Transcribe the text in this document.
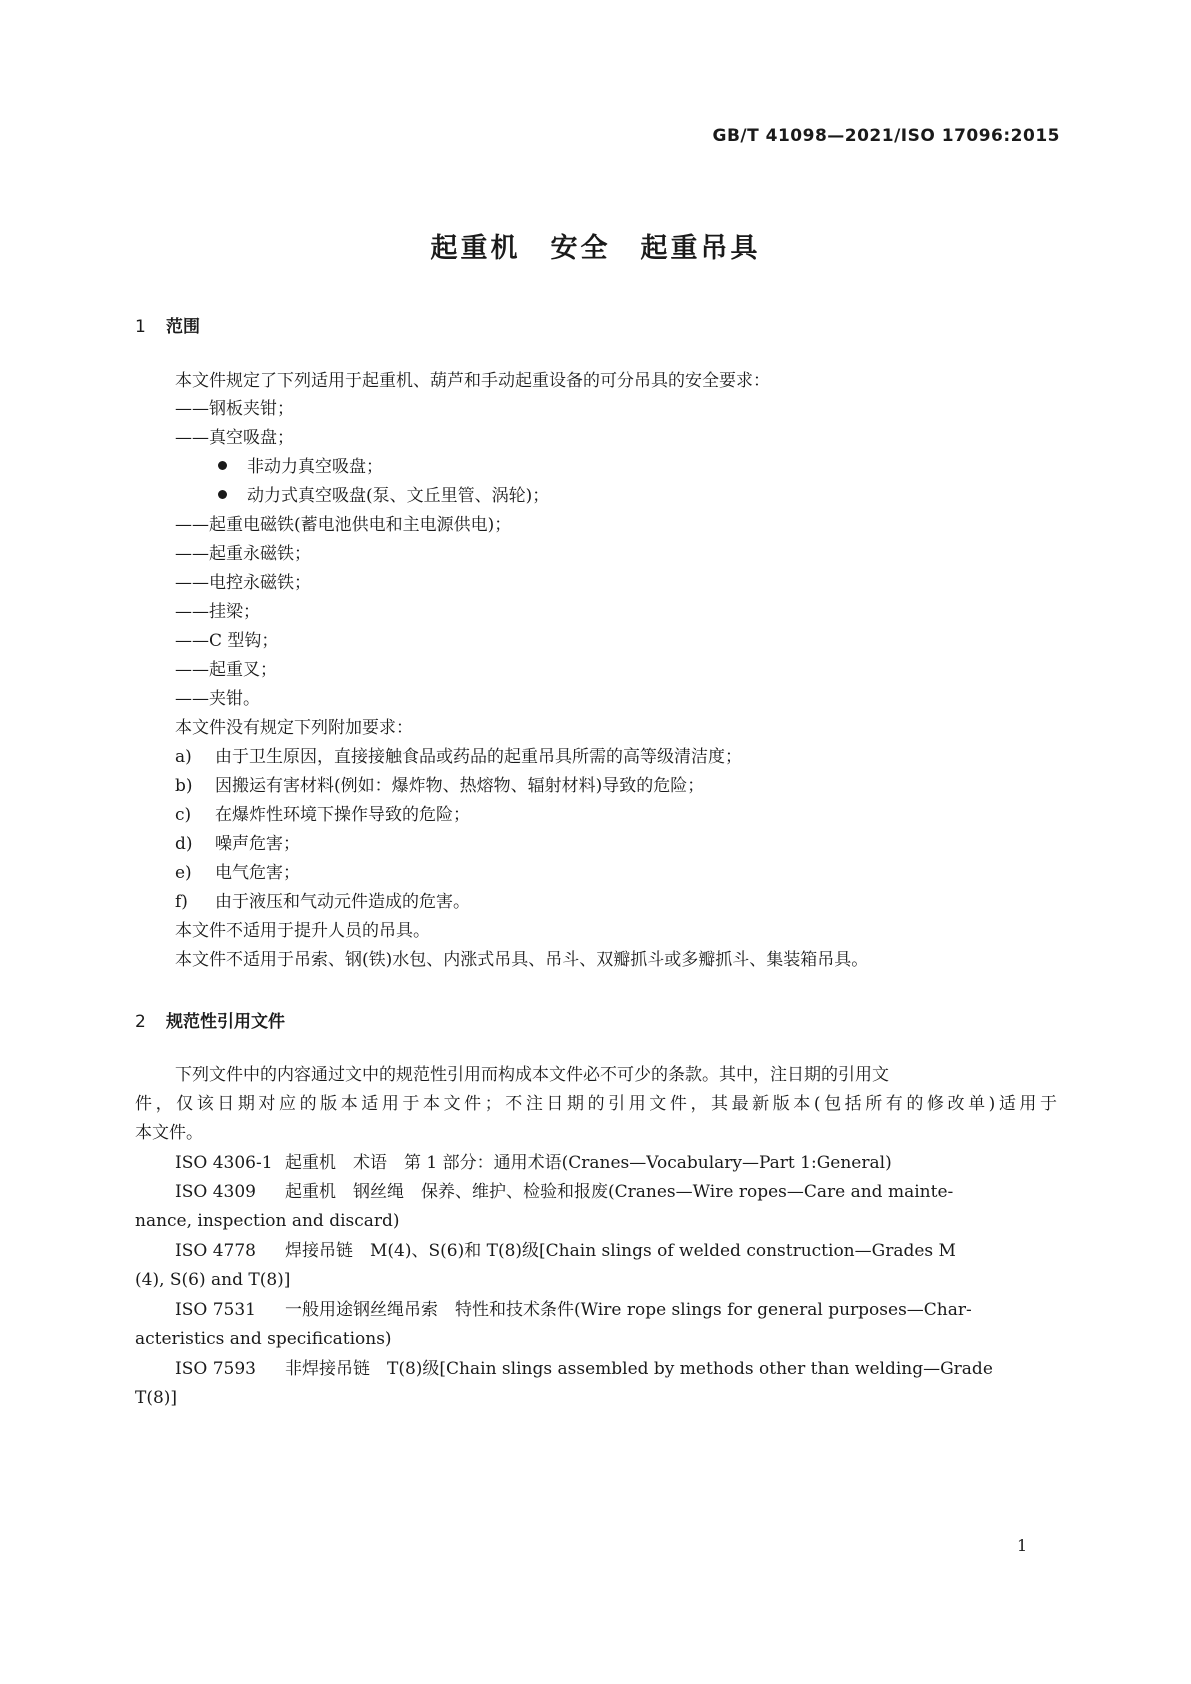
GB/T 41098—2021/ISO 17096:2015
起重机　安全　起重吊具
1 范围
本文件规定了下列适用于起重机、葫芦和手动起重设备的可分吊具的安全要求：
——钢板夹钳；
——真空吸盘；
非动力真空吸盘；
动力式真空吸盘(泵、文丘里管、涡轮)；
——起重电磁铁(蓄电池供电和主电源供电)；
——起重永磁铁；
——电控永磁铁；
——挂梁；
——C 型钩；
——起重叉；
——夹钳。
本文件没有规定下列附加要求：
a) 由于卫生原因，直接接触食品或药品的起重吊具所需的高等级清洁度；
b) 因搬运有害材料(例如：爆炸物、热熔物、辐射材料)导致的危险；
c) 在爆炸性环境下操作导致的危险；
d) 噪声危害；
e) 电气危害；
f) 由于液压和气动元件造成的危害。
本文件不适用于提升人员的吊具。
本文件不适用于吊索、钢(铁)水包、内涨式吊具、吊斗、双瓣抓斗或多瓣抓斗、集装箱吊具。
2 规范性引用文件
下列文件中的内容通过文中的规范性引用而构成本文件必不可少的条款。其中，注日期的引用文
件，仅该日期对应的版本适用于本文件；不注日期的引用文件，其最新版本(包括所有的修改单)适用于
本文件。
ISO 4306-1 起重机　术语　第 1 部分：通用术语(Cranes—Vocabulary—Part 1:General)
ISO 4309 起重机　钢丝绳　保养、维护、检验和报废(Cranes—Wire ropes—Care and mainte-
nance, inspection and discard)
ISO 4778 焊接吊链　M(4)、S(6)和 T(8)级[Chain slings of welded construction—Grades M
(4), S(6) and T(8)]
ISO 7531 一般用途钢丝绳吊索　特性和技术条件(Wire rope slings for general purposes—Char-
acteristics and specifications)
ISO 7593 非焊接吊链　T(8)级[Chain slings assembled by methods other than welding—Grade
T(8)]
1
